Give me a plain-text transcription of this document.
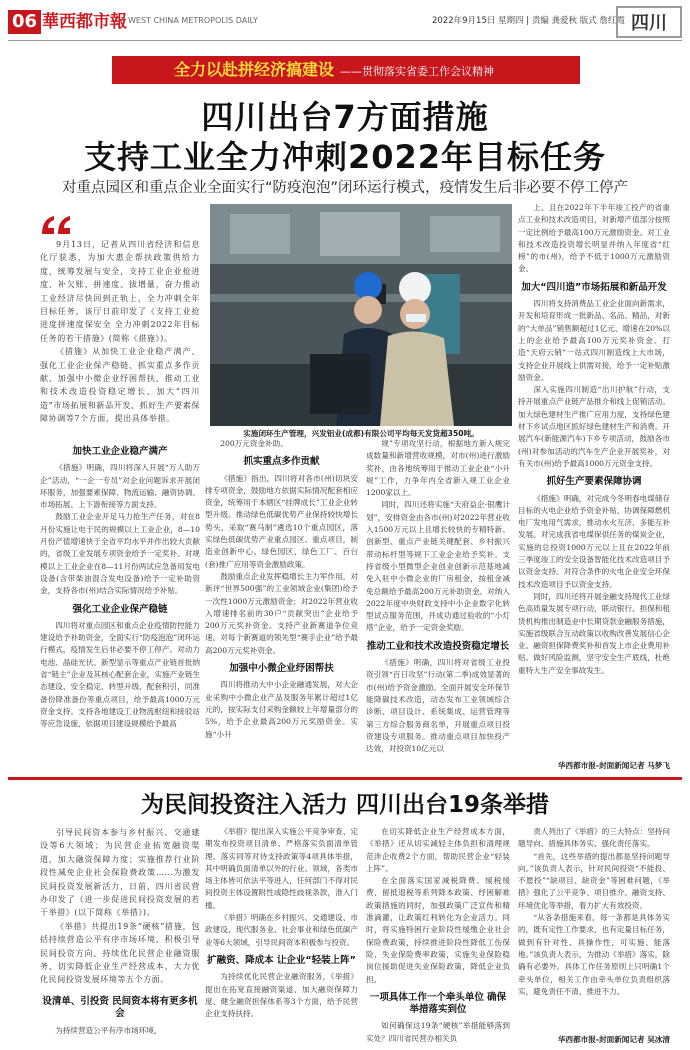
06 華西都市報 WEST CHINA METROPOLIS DAILY	2022年9月15日 星期四 | 责编 龚爱秋 版式 詹红霞 四川
全力以赴拼经济搞建设 ——贯彻落实省委工作会议精神
四川出台7方面措施
支持工业全力冲刺2022年目标任务
对重点园区和重点企业全面实行“防疫泡泡”闭环运行模式，疫情发生后非必要不停工停产

9月13日，记者从四川省经济和信息化厅获悉，为加大惠企帮扶政策供给力度，统筹发展与安全，支持工业企业抢进度、补欠账、拼速度、拔增量，奋力推动工业经济尽快回到正轨上，全力冲刺全年目标任务，该厅日前印发了《支持工业抢进度拼速度保安全 全力冲刺2022年目标任务的若干措施》(简称《措施》)。

《措施》从加快工业企业稳产满产、强化工业企业保产稳链、抓实重点多作贡献、加强中小微企业纾困帮扶、推动工业和技术改造投资稳定增长、加大“四川造”市场拓展和新品开发、抓好生产要素保障协调等7个方面，提出具体举措。

实施闭环生产管理，兴发铝业(成都)有限公司平均每天发货超350吨。
加快工业企业稳产满产

《措施》明确，四川将深入开展“万人助万企”活动，“一企一专员”对企业问题诉求开展闭环服务，加强要素保障、物流运输、融资协调、市场拓展、上下游衔接等方面支持。

鼓励工业企业开足马力抢生产任务，对在8月份实施让电于民的规模以上工业企业，8—10月份产值增速快于全省平均水平并作出较大贡献的，省级工业发展专项资金给予一定奖补。对规模以上工业企业在8—11月份两试应急备用发电设备(含带柴油混合发电设备)给予一定补助资金，支持各市(州)结合实际情况给予补贴。

强化工业企业保产稳链

四川将对重点园区和重点企业疫情防控能力建设给予补助资金，全面实行“防疫泡泡”闭环运行模式，疫情发生后非必要不停工停产。对动力电池、晶硅光伏、新型显示等重点产业链首批纳省“链主”企业及其核心配套企业，实施产业链生态建设、安全稳定、转型升级、配套积引，同准备份降准备份等重点项目，给予最高1000万元资金支持。支持各地建设工业物流枢纽和接驳站等应急设施，依据项目建设规模给予最高

200万元资金补助。

抓实重点多作贡献

《措施》指出，四川将对各市(州)切块安排专项资金，鼓励地方依据实际情况配套相应资金，统筹用于本辖区“挂牌成长”工业企业转型升级。推动绿色低碳优势产业保持较快增长势头，采取“赛马制”遴选10个重点园区，落实绿色低碳优势产业重点园区、重点项目，制造业创新中心、绿色园区、绿色工厂、百台(套)推广应用等资金激励政策。

鼓励重点企业发挥稳增长主力军作用，对新评“世界500强”的工业领域企业(集团)给予一次性1000万元激励资金；对2022年营业收入增速排名前的30户“贡献突出”企业给予200万元奖补资金。支持产业新赛道争位竞速，对每个新赛道的领先型“赛手企业”给予最高200万元奖补资金。

加强中小微企业纾困帮扶

四川将推动大中小企业融通发展，对大企业采购中小微企业产品及服务年累计超过1亿元的，按实际支付采购金额较上年增量部分的5%，给予企业最高200万元奖励资金。实施“小升

规”专项攻坚行动，根据地方新入规完成数量和新增营收规模，对市(州)进行激励奖补，由各地统筹用于推动工业企业“小升规”工作，力争年内全省新入规工业企业1200家以上。

同时，四川还将实施“天府益企·银鹰计划”，安排资金由各市(州)对2022年营业收入1500万元以上且增长较快的专精特新、创新型、重点产业链关键配套、乡村振兴带动标杆型等规下工业企业给予奖补。支持省级小型微型企业创业创新示范基地减免入驻中小微企业的厂房租金，按租金减免总额给予最高200万元补助资金。对纳入2022年度中央财政支持中小企业数字化转型试点服务范围，并成功通过验收的“小灯塔”企业，给予一定资金奖励。

推动工业和技术改造投资稳定增长

《措施》明确，四川将对省级工业投资引领“百日攻坚”行动(第二季)成效显著的市(州)给予资金激励。全面开展安全环保节能降碳技术改造，动态发布工业领域综合诊断、项目设计、系统集成、运营管理等第三方综合服务商名单，开展重点项目投资建设专项服务。推动重点项目加快投产达效，对投资10亿元以

上、且在2022年下半年竣工投产的省重点工业和技术改造项目，对新增产值部分按照一定比例给予最高100万元激励资金。对工业和技术改造投资增长明显并纳入年度省“红榜”的市(州)，给予不低于1000万元激励资金。

加大“四川造”市场拓展和新品开发

四川将支持消费品工业企业面向新需求，开发和培育形成一批新品、名品、精品，对新的“大单品”销售额超过1亿元、增速在20%以上的企业给予最高100万元奖补资金。打造“天府云销”一站式四川制造线上大市场，支持企业开展线上供需对接，给予一定补贴激励资金。

深入实施四川制造“出川护航”行动，支持开展重点产业链产品推介和线上促销活动。加大绿色建材生产推广应用力度，支持绿色建材下乡试点地区抓好绿色建材生产和消费。开展汽车(新能源汽车)下乡专项活动，鼓励各市(州)对参加活动的汽车生产企业开展奖补，对有关市(州)给予最高1000万元资金支持。

抓好生产要素保障协调

《措施》明确，对完成今冬明春电煤储存目标的火电企业给予资金补贴，协调保障燃机电厂发电用气需求，推动水火互济、多能互补发展。对完成我省电煤保供任务的煤炭企业，实施的总投资1000万元以上且在2022年前三季度竣工的安全设备智能化技术改造项目予以资金支持。对符合条件的火电企业安全环保技术改造项目予以资金支持。

同时，四川还将开展金融支持现代工业绿色高质量发展专项行动，联动银行、担保和租赁机构推出制造业中长期贷款金融服务措施，实施省级联合互动政策以收购改善发展信心企业。融资担保降费奖补和首发上市企业费用补贴。做好风险监测，坚守安全生产底线，杜绝重特大生产安全事故发生。

华西都市报-封面新闻记者 马梦飞
为民间投资注入活力 四川出台19条举措

引导民间资本参与乡村振兴、交通建设等6大领域；为民营企业拓宽融资渠道，加大融资保障力度；实施推荐行业阶段性减免企业社会保险费政策……为激发民间投资发展新活力，日前，四川省民营办印发了《进一步促进民间投资发展的若干举措》(以下简称《举措》)。

《举措》共提出19条“硬核”措施，包括持续营造公平有序市场环境、积极引导民间投资方向、持续优化民营企业融资服务、切实降低企业生产经营成本、大力优化民间投资发展环境等五个方面。

设清单、引投资 民间资本将有更多机会

为持续营造公平有序市场环境，

《举措》提出深入实施公平竞争审查、定期发布投资项目清单、严格落实负面清单管理、落实同等对待支持政策等4项具体举措，其中明确负面清单以外的行业、领域，各类市场主体皆可依法平等进入，任何部门不得对民间投资主体设置附性或隐性歧视条款，准入门槛。

《举措》明确在乡村振兴、交通建设、市政建设、现代服务业、社会事业和绿色低碳产业等6大领域，引导民间资本积极参与投资。

扩融资、降成本 让企业“轻装上阵”

为持续优化民营企业融资服务，《举措》提出在拓宽直接融资渠道、加大融资保障力度、健全融资担保体系等3个方面，给予民营企业支持扶持。

在切实降低企业生产经营成本方面，《举措》还从切实减轻主体负担和清理规范涉企收费2个方面，帮助民营企业“轻装上阵”。

在全面落实国家减税降费、缓税缓费、留抵退税等系列降本政策、纾困解难政策措施的同时，加强政策广泛宣传和精准滴灌，让政策红利转化为企业活力。同时，将实施特困行业阶段性缓缴企业社会保险费政策，持续推进阶段性降低工伤保险、失业保险费率政策，实施失业保险稳岗位援助促进失业保险政策，降低企业负担。

一项具体工作一个牵头单位 确保举措落实到位

如何确保这19条“硬核”举措能够落到实处？四川省民营办相关负

责人列出了《举措》的三大特点：坚持问题导向、措施具体务实、强化责任落实。

“首先，这些举措的提出都是坚持问题导向。”该负责人表示，针对民间投资“不能投、不愿投”“缺项目、缺资金”等困难问题，《举措》强化了公平竞争、项目推介、融资支持、环境优化等举措，着力扩大有效投资。

“从各条措施来看，每一条都是具体务实的，既有定性工作要求，也有定量目标任务，做到有针对性、具操作性，可实施、能落地。”该负责人表示，为推动《举措》落实，除确有必要外，具体工作任务原则上只明确1个牵头单位，相关工作由牵头单位负责组织落实，避免责任不清、推进不力。

华西都市报-封面新闻记者 吴冰清
